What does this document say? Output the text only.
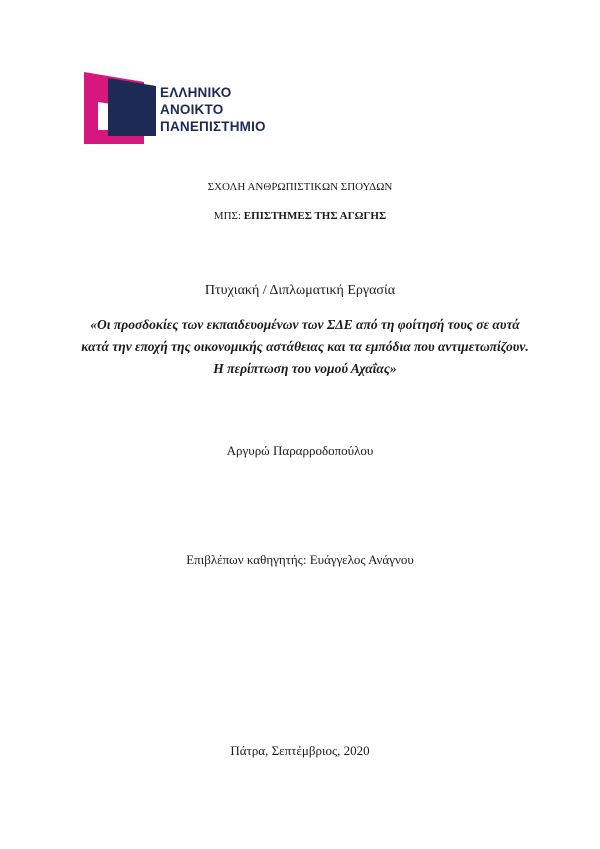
ΕΛΛΗΝΙΚΟ
ΑΝΟΙΚΤΟ
ΠΑΝΕΠΙΣΤΗΜΙΟ
ΣΧΟΛΗ ΑΝΘΡΩΠΙΣΤΙΚΩΝ ΣΠΟΥΔΩΝ
ΜΠΣ: ΕΠΙΣΤΗΜΕΣ ΤΗΣ ΑΓΩΓΗΣ
Πτυχιακή / Διπλωματική Εργασία
«Οι προσδοκίες των εκπαιδευομένων των ΣΔΕ από τη φοίτησή τους σε αυτά κατά την εποχή της οικονομικής αστάθειας και τα εμπόδια που αντιμετωπίζουν. Η περίπτωση του νομού Αχαΐας»
Αργυρώ Παραρροδοπούλου
Επιβλέπων καθηγητής: Ευάγγελος Ανάγνου
Πάτρα, Σεπτέμβριος, 2020
